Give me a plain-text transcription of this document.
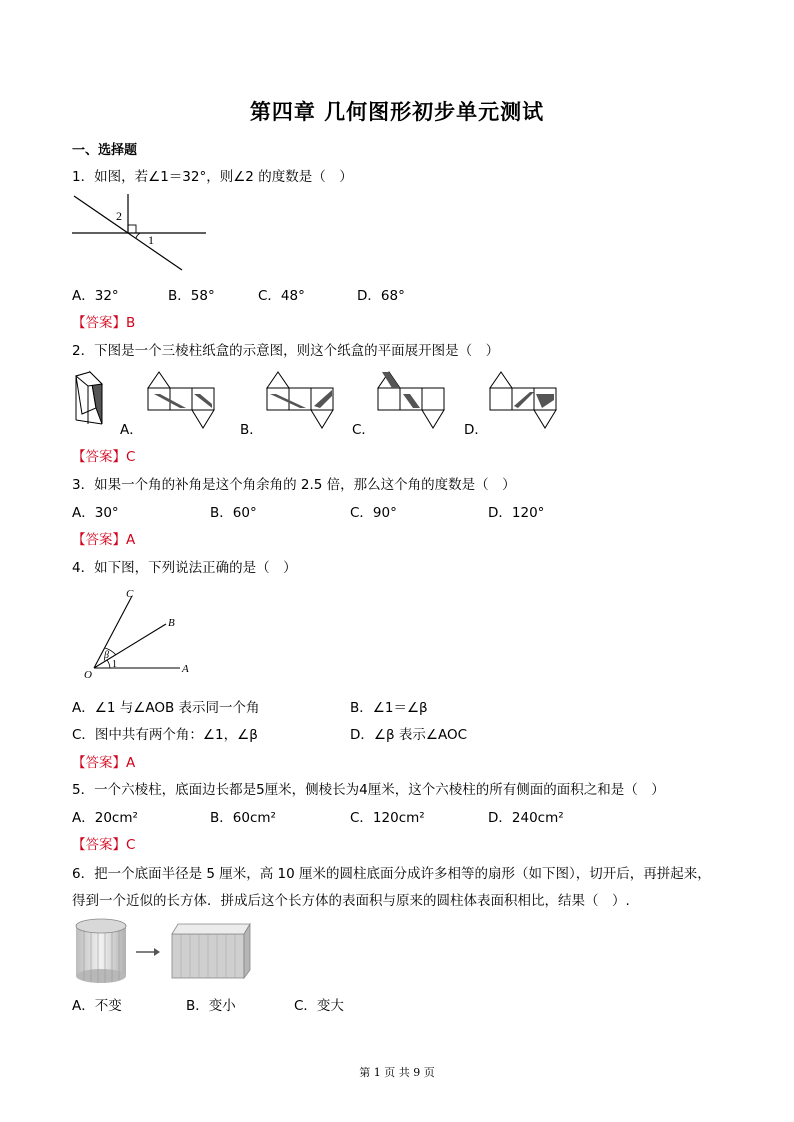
第四章 几何图形初步单元测试
一、选择题
1．如图，若∠1＝32°，则∠2 的度数是（　）
2
1
A．32°	B．58°	C．48°	D．68°
【答案】B
2．下图是一个三棱柱纸盒的示意图，则这个纸盒的平面展开图是（　）
A．	B．	C．	D．
【答案】C
3．如果一个角的补角是这个角余角的 2.5 倍，那么这个角的度数是（　）
A．30°	B．60°	C．90°	D．120°
【答案】A
4．如下图，下列说法正确的是（　）
C
B
β
1
O	A
A．∠1 与∠AOB 表示同一个角	B．∠1＝∠β
C．图中共有两个角：∠1，∠β	D．∠β 表示∠AOC
【答案】A
5．一个六棱柱，底面边长都是5厘米，侧棱长为4厘米，这个六棱柱的所有侧面的面积之和是（　）
A．20cm²	B．60cm²	C．120cm²	D．240cm²
【答案】C
6．把一个底面半径是 5 厘米，高 10 厘米的圆柱底面分成许多相等的扇形（如下图），切开后，再拼起来，
得到一个近似的长方体．拼成后这个长方体的表面积与原来的圆柱体表面积相比，结果（　）.
A．不变	B．变小	C．变大
第 1 页 共 9 页
